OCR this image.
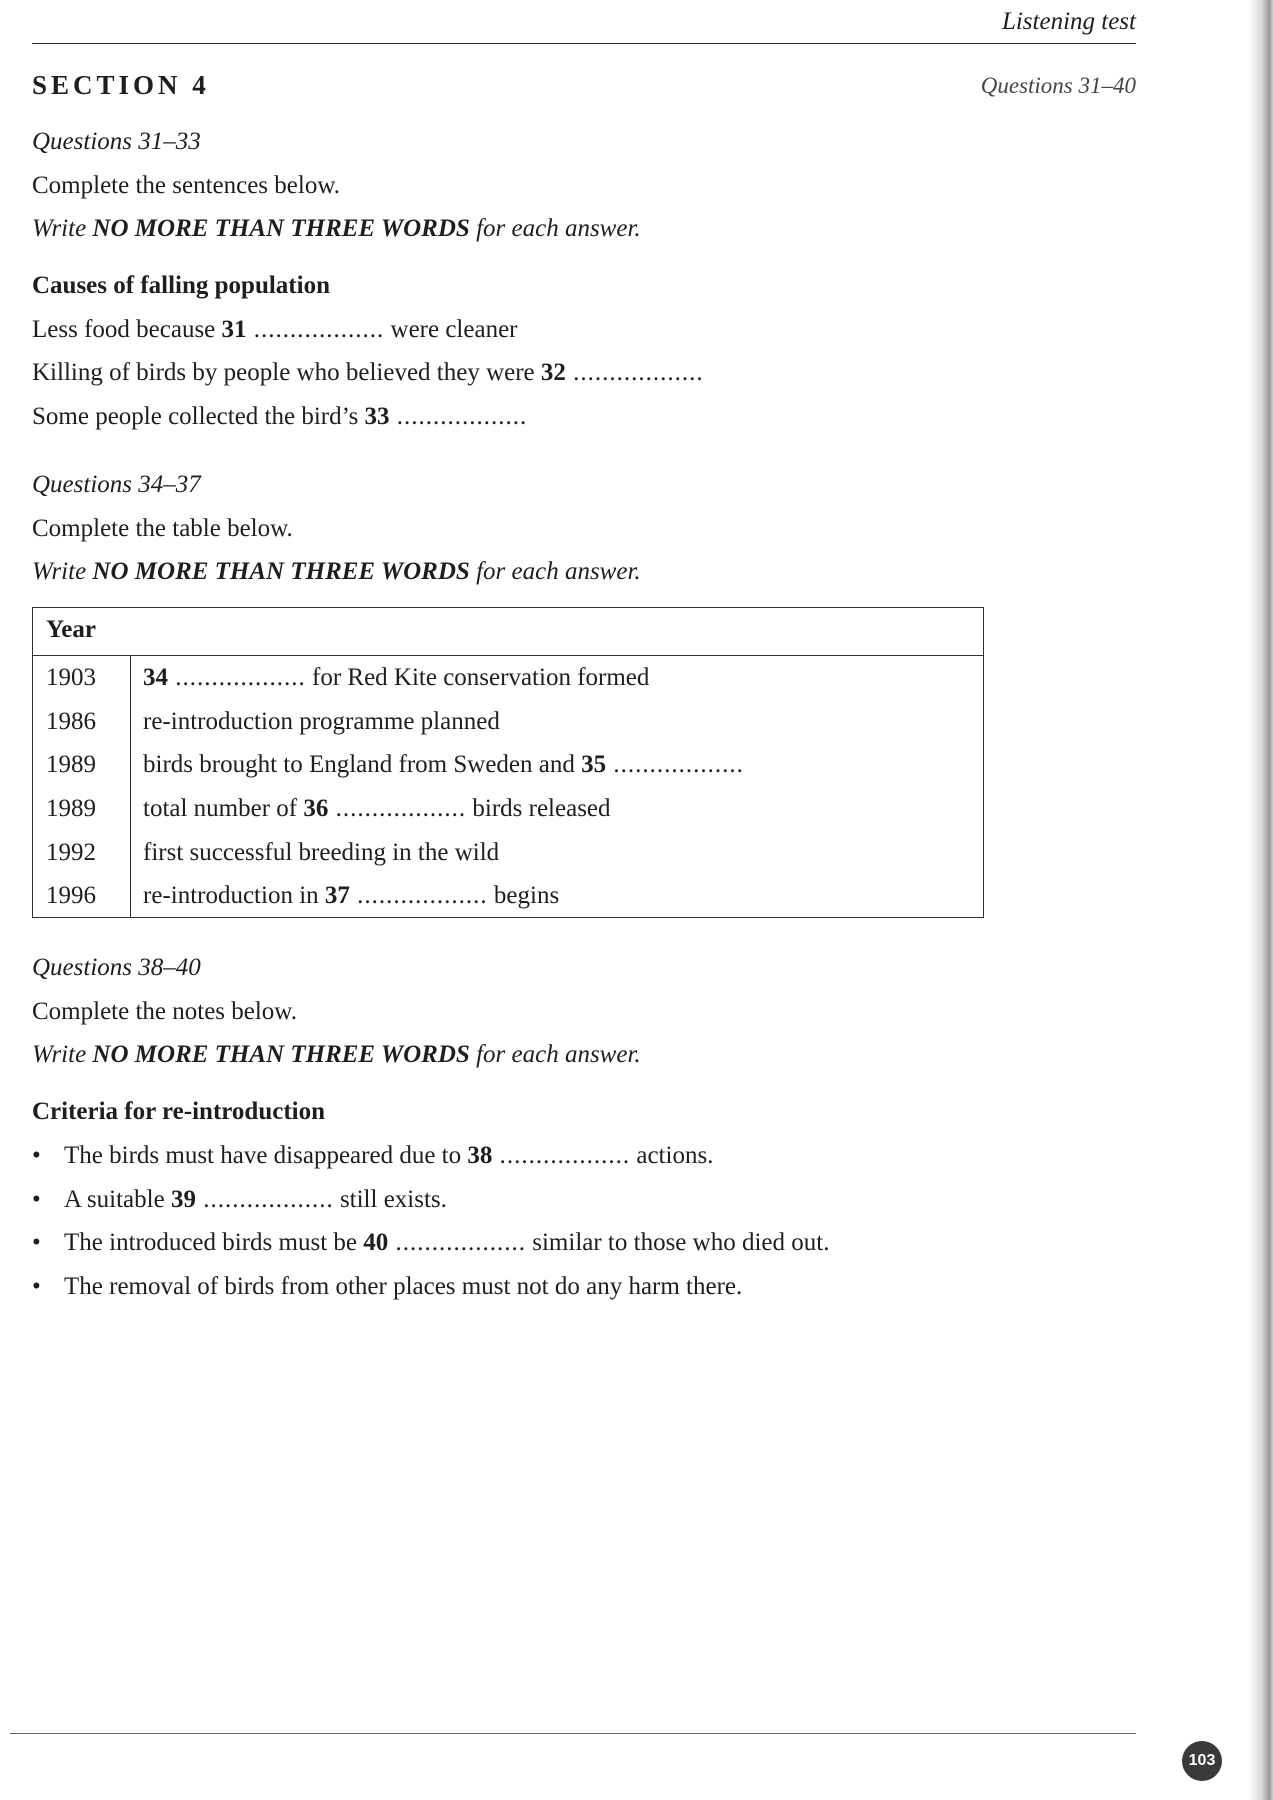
Listening test
SECTION 4	Questions 31–40
Questions 31–33
Complete the sentences below.
Write NO MORE THAN THREE WORDS for each answer.
Causes of falling population
Less food because 31 .................. were cleaner
Killing of birds by people who believed they were 32 ..................
Some people collected the bird’s 33 ..................
Questions 34–37
Complete the table below.
Write NO MORE THAN THREE WORDS for each answer.
Year
1903 34 .................. for Red Kite conservation formed
1986 re-introduction programme planned
1989 birds brought to England from Sweden and 35 ..................
1989 total number of 36 .................. birds released
1992 first successful breeding in the wild
1996 re-introduction in 37 .................. begins
Questions 38–40
Complete the notes below.
Write NO MORE THAN THREE WORDS for each answer.
Criteria for re-introduction
• The birds must have disappeared due to 38 .................. actions.
• A suitable 39 .................. still exists.
• The introduced birds must be 40 .................. similar to those who died out.
• The removal of birds from other places must not do any harm there.
103
